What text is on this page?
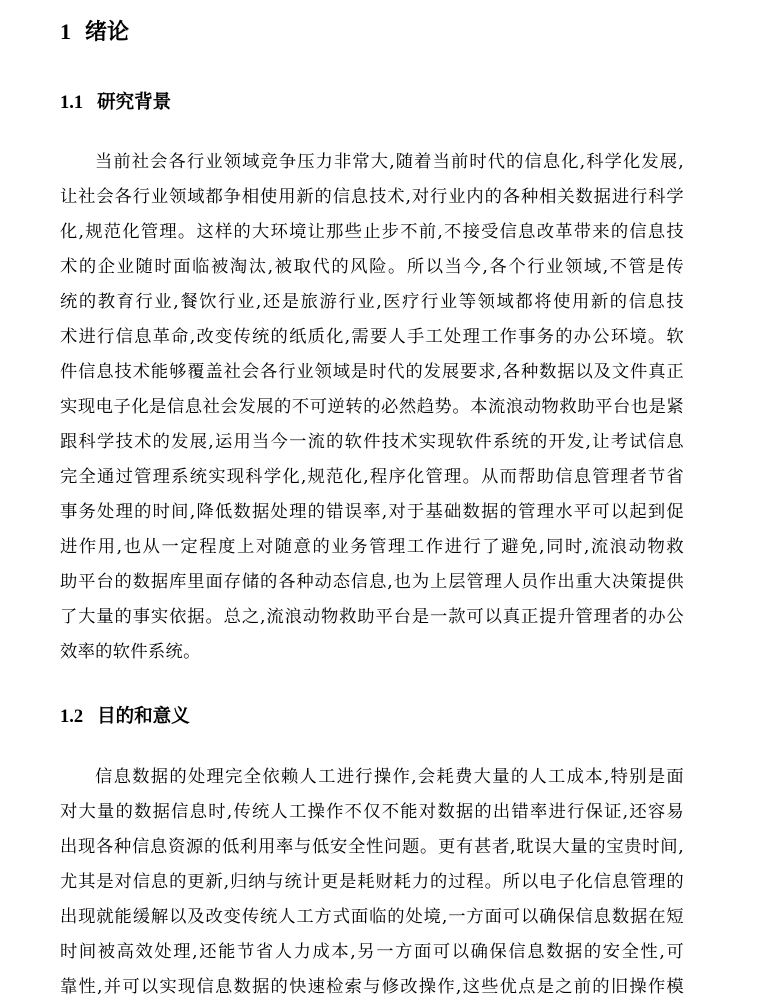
1 绪论
1.1 研究背景
当前社会各行业领域竞争压力非常大,随着当前时代的信息化,科学化发展,
让社会各行业领域都争相使用新的信息技术,对行业内的各种相关数据进行科学
化,规范化管理。这样的大环境让那些止步不前,不接受信息改革带来的信息技
术的企业随时面临被淘汰,被取代的风险。所以当今,各个行业领域,不管是传
统的教育行业,餐饮行业,还是旅游行业,医疗行业等领域都将使用新的信息技
术进行信息革命,改变传统的纸质化,需要人手工处理工作事务的办公环境。软
件信息技术能够覆盖社会各行业领域是时代的发展要求,各种数据以及文件真正
实现电子化是信息社会发展的不可逆转的必然趋势。本流浪动物救助平台也是紧
跟科学技术的发展,运用当今一流的软件技术实现软件系统的开发,让考试信息
完全通过管理系统实现科学化,规范化,程序化管理。从而帮助信息管理者节省
事务处理的时间,降低数据处理的错误率,对于基础数据的管理水平可以起到促
进作用,也从一定程度上对随意的业务管理工作进行了避免,同时,流浪动物救
助平台的数据库里面存储的各种动态信息,也为上层管理人员作出重大决策提供
了大量的事实依据。总之,流浪动物救助平台是一款可以真正提升管理者的办公
效率的软件系统。
1.2 目的和意义
信息数据的处理完全依赖人工进行操作,会耗费大量的人工成本,特别是面
对大量的数据信息时,传统人工操作不仅不能对数据的出错率进行保证,还容易
出现各种信息资源的低利用率与低安全性问题。更有甚者,耽误大量的宝贵时间,
尤其是对信息的更新,归纳与统计更是耗财耗力的过程。所以电子化信息管理的
出现就能缓解以及改变传统人工方式面临的处境,一方面可以确保信息数据在短
时间被高效处理,还能节省人力成本,另一方面可以确保信息数据的安全性,可
靠性,并可以实现信息数据的快速检索与修改操作,这些优点是之前的旧操作模
